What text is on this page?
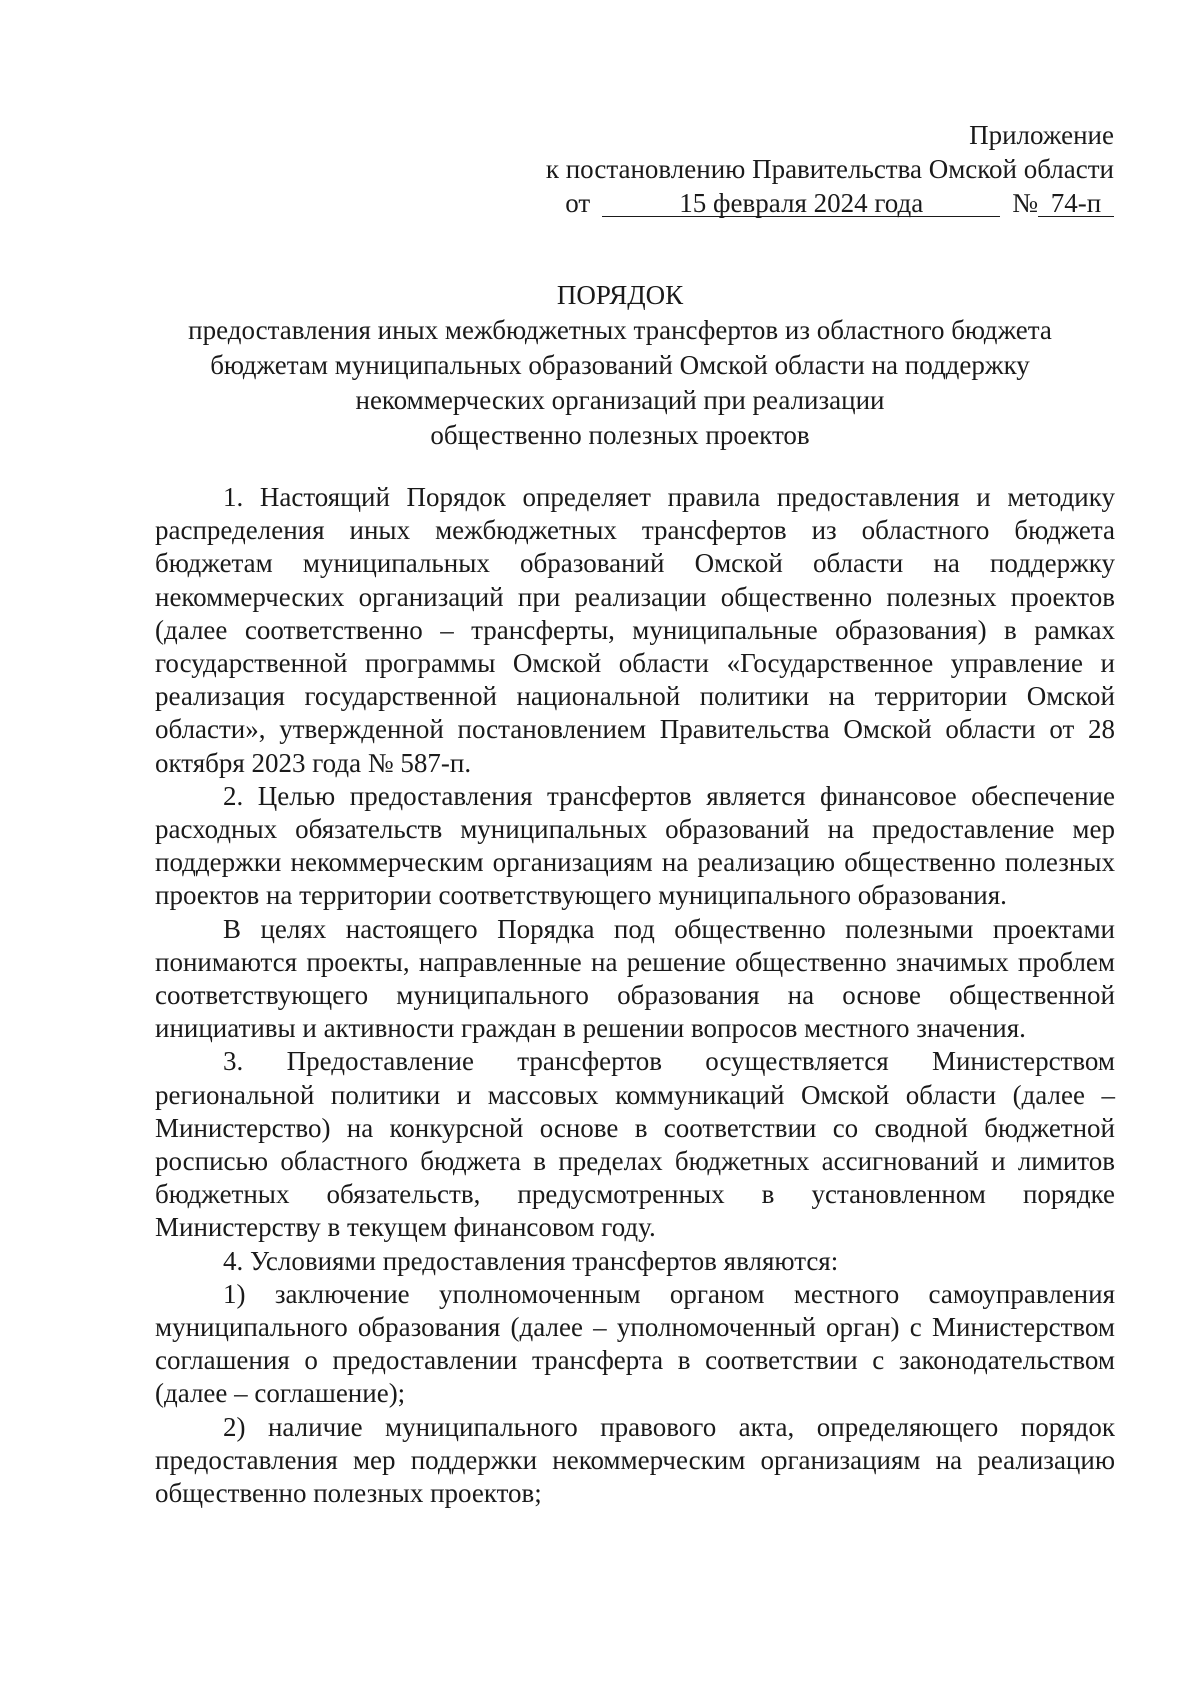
Приложение
к постановлению Правительства Омской области
от	15 февраля 2024 года	№ 74-п
ПОРЯДОК
предоставления иных межбюджетных трансфертов из областного бюджета
бюджетам муниципальных образований Омской области на поддержку
некоммерческих организаций при реализации
общественно полезных проектов

1. Настоящий Порядок определяет правила предоставления и методику распределения иных межбюджетных трансфертов из областного бюджета бюджетам муниципальных образований Омской области на поддержку некоммерческих организаций при реализации общественно полезных проектов (далее соответственно – трансферты, муниципальные образования) в рамках государственной программы Омской области «Государственное управление и реализация государственной национальной политики на территории Омской области», утвержденной постановлением Правительства Омской области от 28 октября 2023 года № 587-п.

2. Целью предоставления трансфертов является финансовое обеспечение расходных обязательств муниципальных образований на предоставление мер поддержки некоммерческим организациям на реализацию общественно полезных проектов на территории соответствующего муниципального образования.

В целях настоящего Порядка под общественно полезными проектами понимаются проекты, направленные на решение общественно значимых проблем соответствующего муниципального образования на основе общественной инициативы и активности граждан в решении вопросов местного значения.

3. Предоставление трансфертов осуществляется Министерством региональной политики и массовых коммуникаций Омской области (далее – Министерство) на конкурсной основе в соответствии со сводной бюджетной росписью областного бюджета в пределах бюджетных ассигнований и лимитов бюджетных обязательств, предусмотренных в установленном порядке Министерству в текущем финансовом году.

4. Условиями предоставления трансфертов являются:

1) заключение уполномоченным органом местного самоуправления муниципального образования (далее – уполномоченный орган) с Министерством соглашения о предоставлении трансферта в соответствии с законодательством (далее – соглашение);

2) наличие муниципального правового акта, определяющего порядок предоставления мер поддержки некоммерческим организациям на реализацию общественно полезных проектов;
